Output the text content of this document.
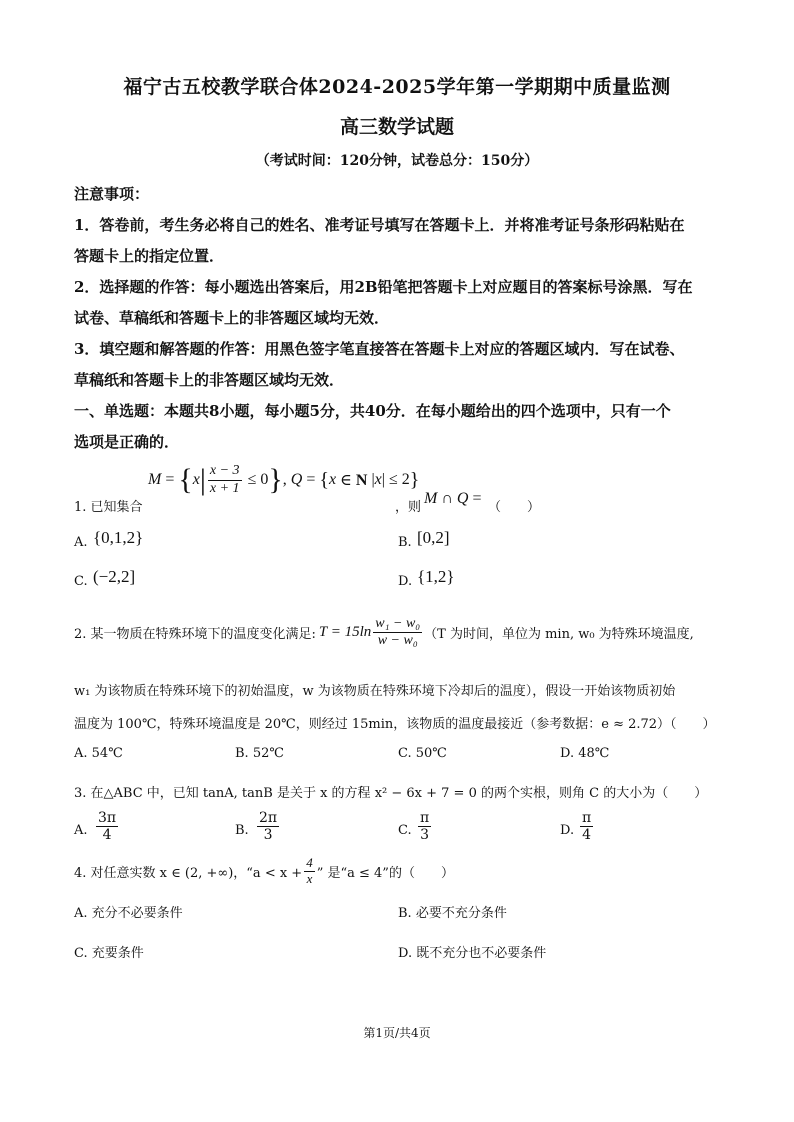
福宁古五校教学联合体2024-2025学年第一学期期中质量监测
高三数学试题
（考试时间：120分钟，试卷总分：150分）
注意事项：
1．答卷前，考生务必将自己的姓名、准考证号填写在答题卡上．并将准考证号条形码粘贴在
答题卡上的指定位置．
2．选择题的作答：每小题选出答案后，用2B铅笔把答题卡上对应题目的答案标号涂黑．写在
试卷、草稿纸和答题卡上的非答题区域均无效．
3．填空题和解答题的作答：用黑色签字笔直接答在答题卡上对应的答题区域内．写在试卷、
草稿纸和答题卡上的非答题区域均无效．
一、单选题：本题共8小题，每小题5分，共40分．在每小题给出的四个选项中，只有一个
选项是正确的．
1. 已知集合
M = { x | $\frac{x - 3}{x + 1} \le 0$ } , Q = { x ∈ N | x | ≤ 2 }
，则
M ∩ Q =
（　　）
A. {0,1,2}	B. [0,2]
C. (−2,2]	D. {1,2}
2. 某一物质在特殊环境下的温度变化满足: $T = 15\ln \frac{\text{w₁ − w₀}}{\text{w − w₀}} (T$ 为时间，单位为 min, w₀ 为特殊环境温度,
w₁ 为该物质在特殊环境下的初始温度，w 为该物质在特殊环境下冷却后的温度），假设一开始该物质初始
温度为 100℃，特殊环境温度是 20℃，则经过 15min，该物质的温度最接近（参考数据：e ≈ 2.72）（　　）
A. 54℃	B. 52℃	C. 50℃	D. 48℃
3. 在△ABC 中，已知 tanA, tanB 是关于 x 的方程 x² − 6x + 7 = 0 的两个实根，则角 C 的大小为（　　）
A. $\frac{3\pi}{4}$	B. $\frac{2\pi}{3}$	C. $\frac{\pi}{3}$	D. $\frac{\pi}{4}$
4. 对任意实数 x ∈ (2, +∞)，“$a < x + \frac{4}{x}$ ” 是“a ≤ 4”的（　　）
A. 充分不必要条件	B. 必要不充分条件
C. 充要条件	D. 既不充分也不必要条件
第1页/共4页
